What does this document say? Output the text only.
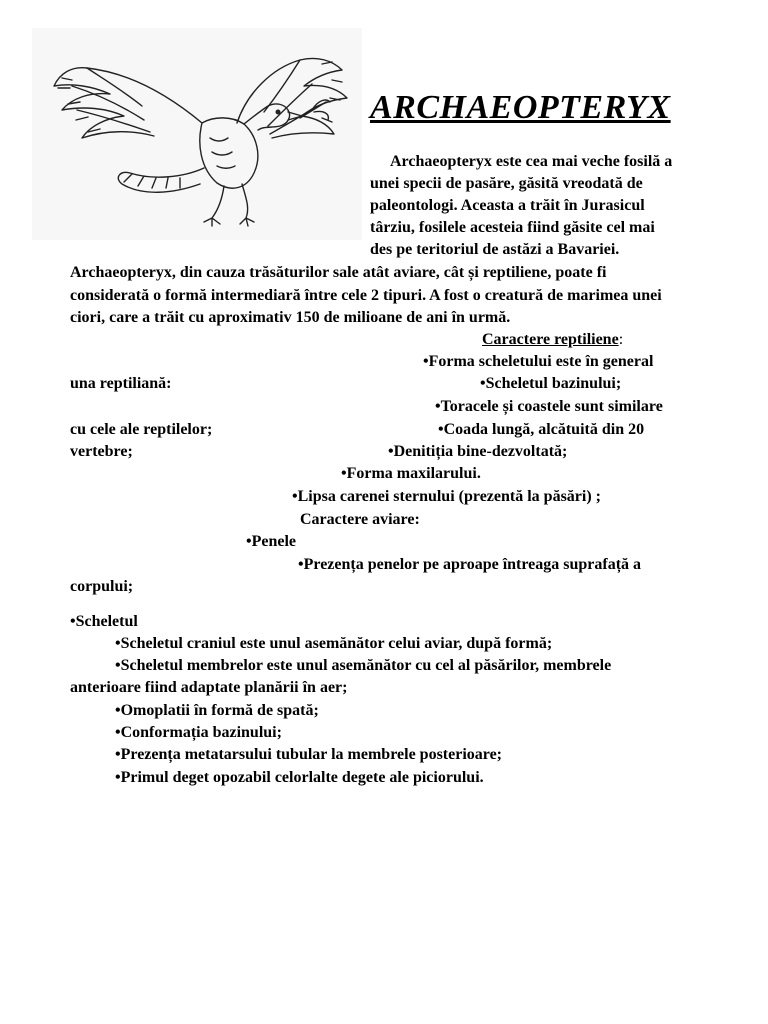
ARCHAEOPTERYX
Archaeopteryx este cea mai veche fosilă a
unei specii de pasăre, găsită vreodată de
paleontologi. Aceasta a trăit în Jurasicul
târziu, fosilele acesteia fiind găsite cel mai
des pe teritoriul de astăzi a Bavariei.
Archaeopteryx, din cauza trăsăturilor sale atât aviare, cât și reptiliene, poate fi
considerată o formă intermediară între cele 2 tipuri. A fost o creatură de marimea unei
ciori, care a trăit cu aproximativ 150 de milioane de ani în urmă.
Caractere reptiliene:
•Forma scheletului este în general
una reptiliană:	•Scheletul bazinului;
•Toracele și coastele sunt similare
cu cele ale reptilelor;	•Coada lungă, alcătuită din 20
vertebre;	•Denitiția bine-dezvoltată;
•Forma maxilarului.
•Lipsa carenei sternului (prezentă la păsări) ;
Caractere aviare:
•Penele
•Prezența penelor pe aproape întreaga suprafață a
corpului;
•Scheletul
•Scheletul craniul este unul asemănător celui aviar, după formă;
•Scheletul membrelor este unul asemănător cu cel al păsărilor, membrele
anterioare fiind adaptate planării în aer;
•Omoplatii în formă de spată;
•Conformația bazinului;
•Prezența metatarsului tubular la membrele posterioare;
•Primul deget opozabil celorlalte degete ale piciorului.
